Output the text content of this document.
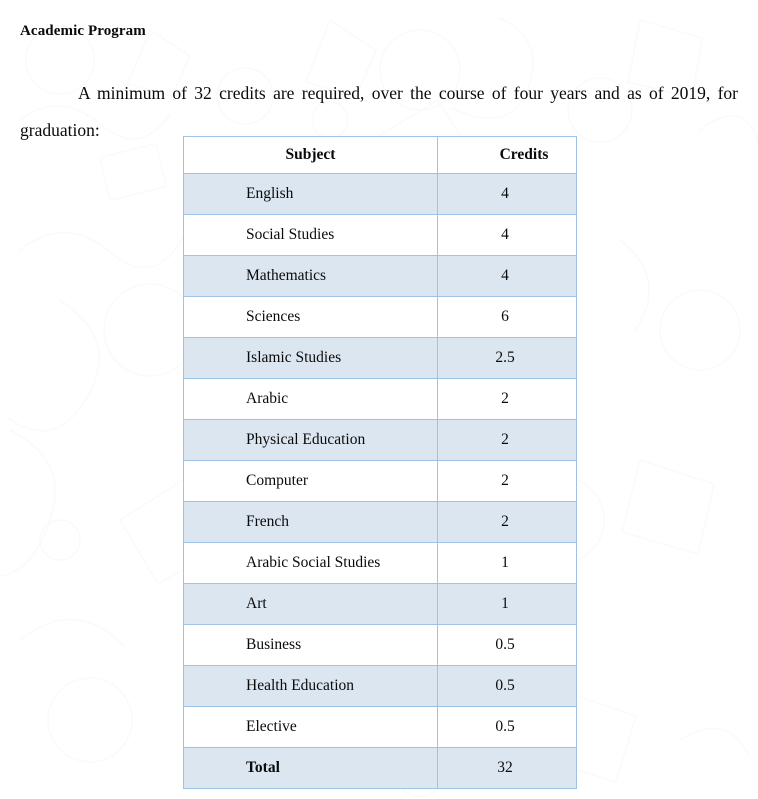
Academic Program

A minimum of 32 credits are required, over the course of four years and as of 2019, for graduation:

Subject	Credits
English	4
Social Studies	4
Mathematics	4
Sciences	6
Islamic Studies	2.5
Arabic	2
Physical Education	2
Computer	2
French	2
Arabic Social Studies	1
Art	1
Business	0.5
Health Education	0.5
Elective	0.5
Total	32
